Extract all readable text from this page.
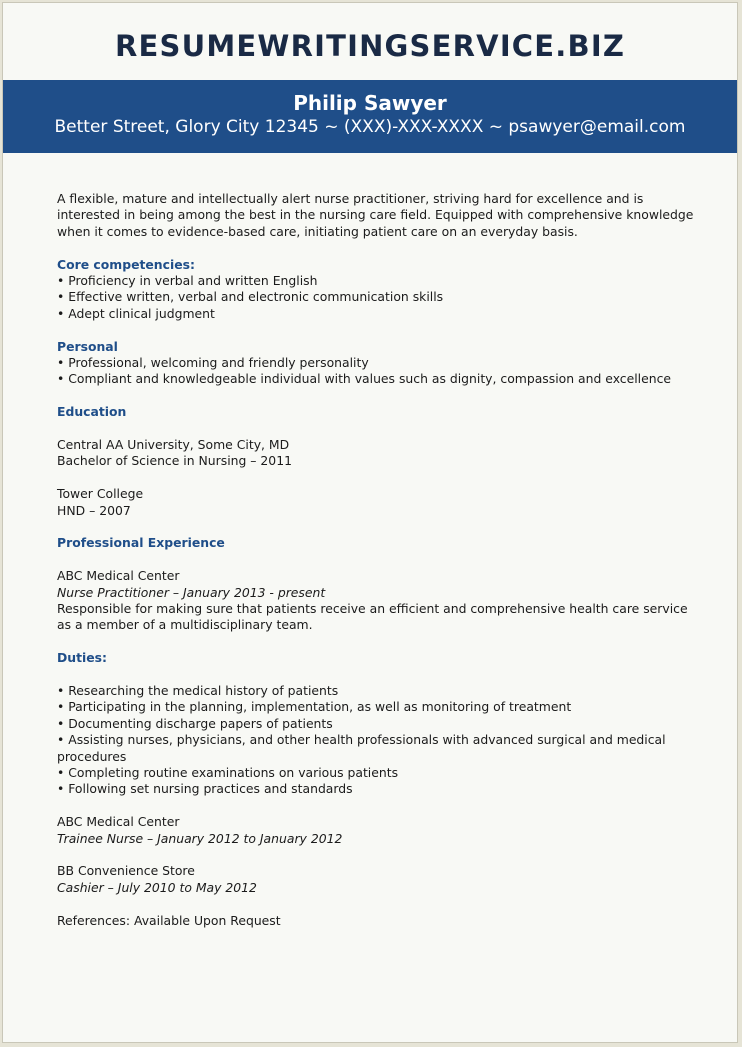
RESUMEWRITINGSERVICE.BIZ
Philip Sawyer
Better Street, Glory City 12345 ~ (XXX)-XXX-XXXX ~ psawyer@email.com

A flexible, mature and intellectually alert nurse practitioner, striving hard for excellence and is interested in being among the best in the nursing care field. Equipped with comprehensive knowledge when it comes to evidence-based care, initiating patient care on an everyday basis.

Core competencies:

• Proficiency in verbal and written English

• Effective written, verbal and electronic communication skills

• Adept clinical judgment

Personal

• Professional, welcoming and friendly personality

• Compliant and knowledgeable individual with values such as dignity, compassion and excellence

Education

Central AA University, Some City, MD

Bachelor of Science in Nursing – 2011

Tower College

HND – 2007

Professional Experience

ABC Medical Center

Nurse Practitioner – January 2013 - present

Responsible for making sure that patients receive an efficient and comprehensive health care service as a member of a multidisciplinary team.

Duties:

• Researching the medical history of patients

• Participating in the planning, implementation, as well as monitoring of treatment

• Documenting discharge papers of patients

• Assisting nurses, physicians, and other health professionals with advanced surgical and medical procedures

• Completing routine examinations on various patients

• Following set nursing practices and standards

ABC Medical Center

Trainee Nurse – January 2012 to January 2012

BB Convenience Store

Cashier – July 2010 to May 2012

References: Available Upon Request
